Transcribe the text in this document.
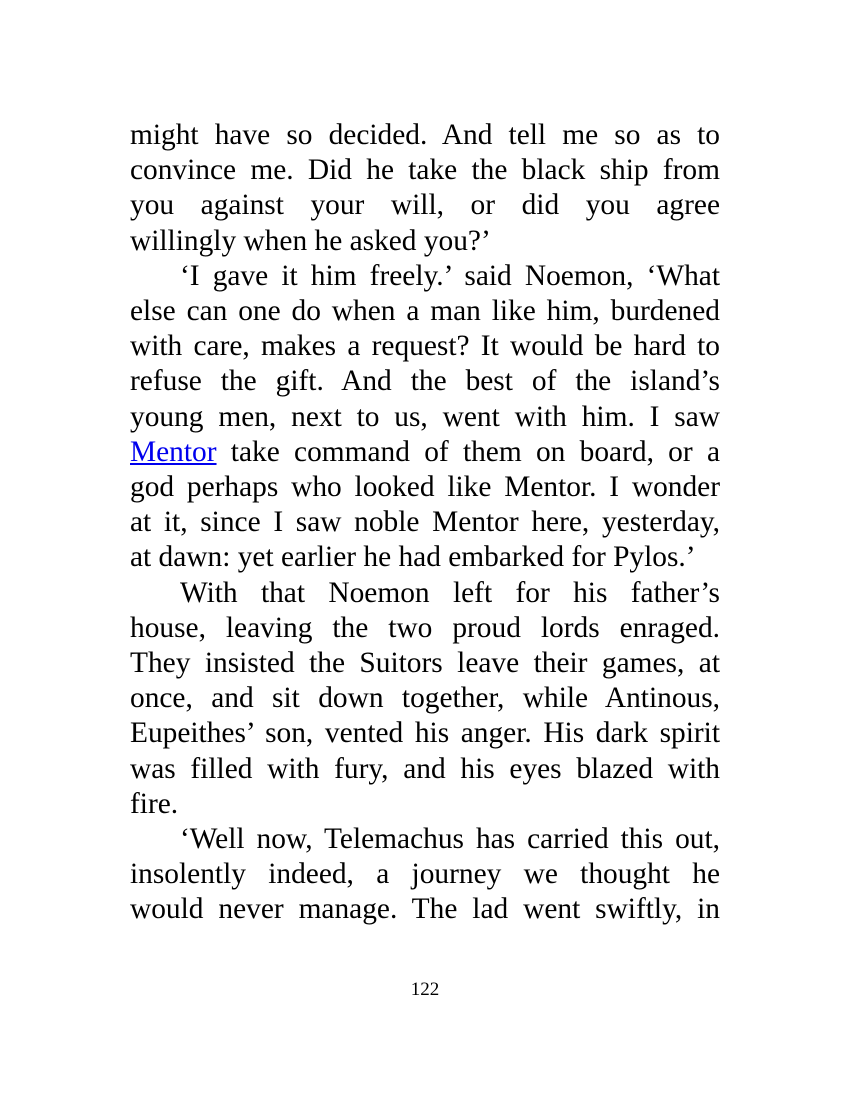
might have so decided. And tell me so as to
convince me. Did he take the black ship from
you against your will, or did you agree
willingly when he asked you?’
‘I gave it him freely.’ said Noemon, ‘What
else can one do when a man like him, burdened
with care, makes a request? It would be hard to
refuse the gift. And the best of the island’s
young men, next to us, went with him. I saw
Mentor take command of them on board, or a
god perhaps who looked like Mentor. I wonder
at it, since I saw noble Mentor here, yesterday,
at dawn: yet earlier he had embarked for Pylos.’
With that Noemon left for his father’s
house, leaving the two proud lords enraged.
They insisted the Suitors leave their games, at
once, and sit down together, while Antinous,
Eupeithes’ son, vented his anger. His dark spirit
was filled with fury, and his eyes blazed with
fire.
‘Well now, Telemachus has carried this out,
insolently indeed, a journey we thought he
would never manage. The lad went swiftly, in
122
